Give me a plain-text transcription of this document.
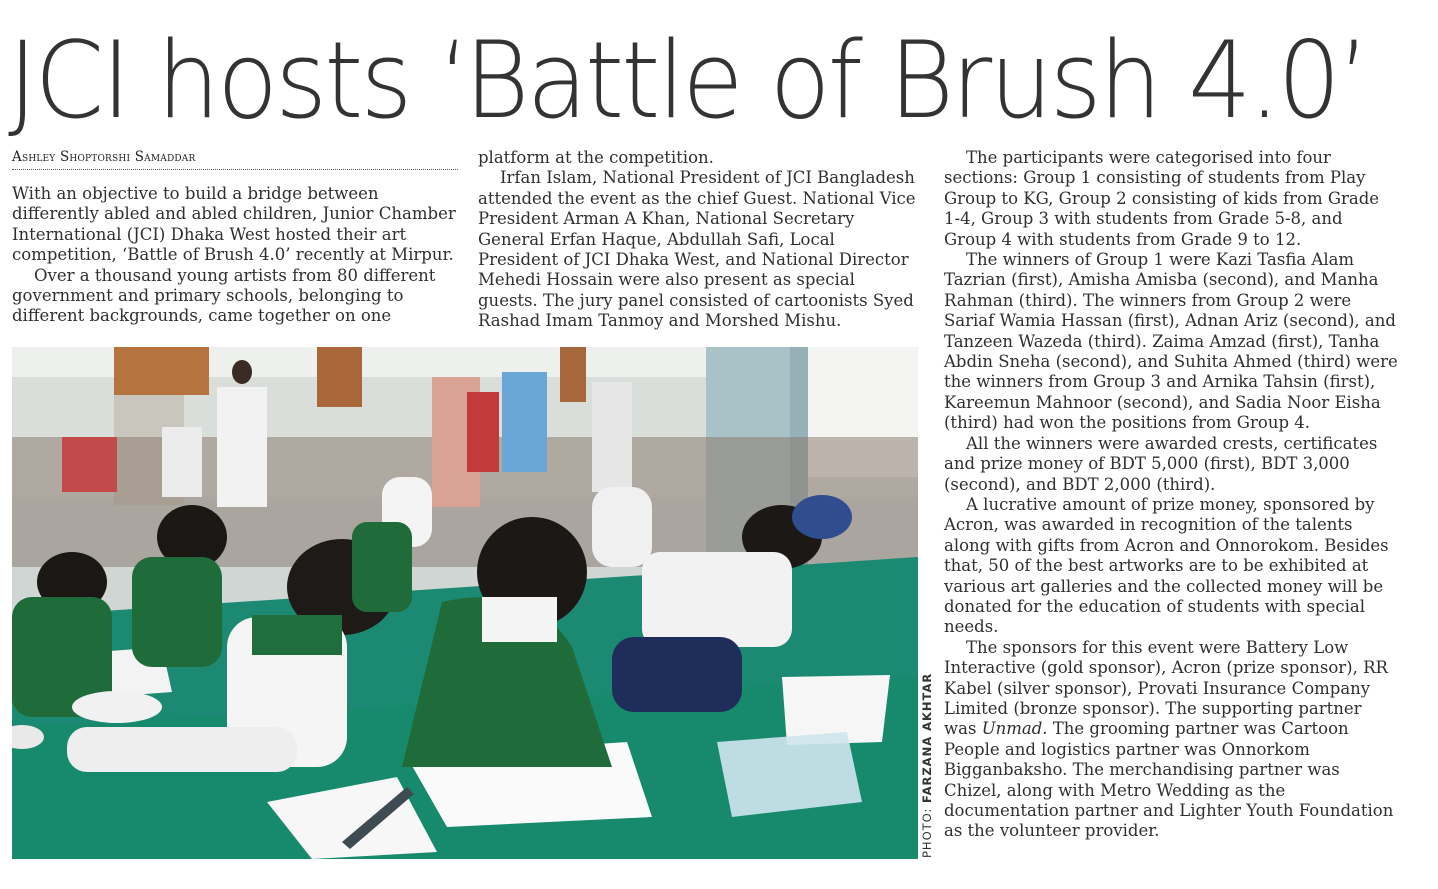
JCI hosts ‘Battle of Brush 4.0’
Ashley Shoptorshi Samaddar

With an objective to build a bridge between differently abled and abled children, Junior Chamber International (JCI) Dhaka West hosted their art competition, ‘Battle of Brush 4.0’ recently at Mirpur.

Over a thousand young artists from 80 different government and primary schools, belonging to different backgrounds, came together on one

platform at the competition.

Irfan Islam, National President of JCI Bangladesh attended the event as the chief Guest. National Vice President Arman A Khan, National Secretary General Erfan Haque, Abdullah Safi, Local President of JCI Dhaka West, and National Director Mehedi Hossain were also present as special guests. The jury panel consisted of cartoonists Syed Rashad Imam Tanmoy and Morshed Mishu.

The participants were categorised into four sections: Group 1 consisting of students from Play Group to KG, Group 2 consisting of kids from Grade 1-4, Group 3 with students from Grade 5-8, and Group 4 with students from Grade 9 to 12.

The winners of Group 1 were Kazi Tasfia Alam Tazrian (first), Amisha Amisba (second), and Manha Rahman (third). The winners from Group 2 were Sariaf Wamia Hassan (first), Adnan Ariz (second), and Tanzeen Wazeda (third). Zaima Amzad (first), Tanha Abdin Sneha (second), and Suhita Ahmed (third) were the winners from Group 3 and Arnika Tahsin (first), Kareemun Mahnoor (second), and Sadia Noor Eisha (third) had won the positions from Group 4.

All the winners were awarded crests, certificates and prize money of BDT 5,000 (first), BDT 3,000 (second), and BDT 2,000 (third).

A lucrative amount of prize money, sponsored by Acron, was awarded in recognition of the talents along with gifts from Acron and Onnorokom. Besides that, 50 of the best artworks are to be exhibited at various art galleries and the collected money will be donated for the education of students with special needs.

The sponsors for this event were Battery Low Interactive (gold sponsor), Acron (prize sponsor), RR Kabel (silver sponsor), Provati Insurance Company Limited (bronze sponsor). The supporting partner was Unmad. The grooming partner was Cartoon People and logistics partner was Onnorkom Bigganbaksho. The merchandising partner was Chizel, along with Metro Wedding as the documentation partner and Lighter Youth Foundation as the volunteer provider.

PHOTO: FARZANA AKHTAR
